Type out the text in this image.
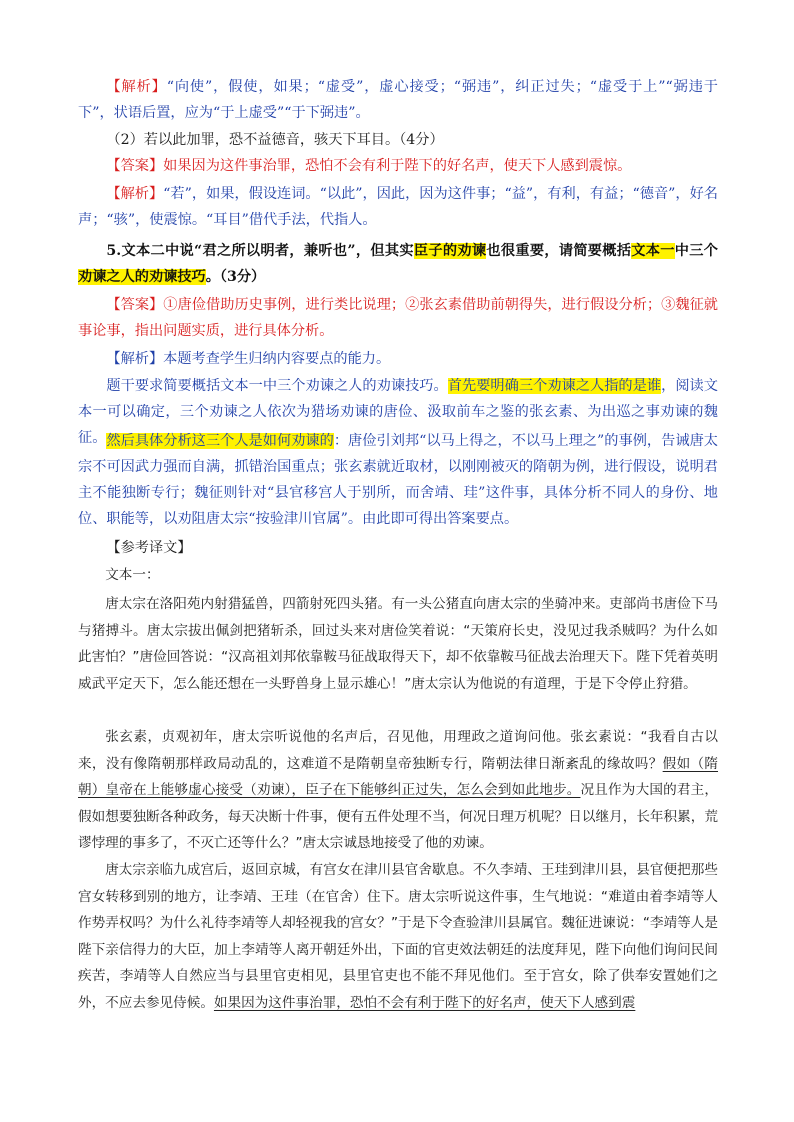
【解析】“向使”，假使，如果；“虚受”，虚心接受；“弼违”，纠正过失；“虚受于上”“弼违于下”，状语后置，应为“于上虚受”“于下弼违”。

（2）若以此加罪，恐不益德音，骇天下耳目。（4分）

【答案】如果因为这件事治罪，恐怕不会有利于陛下的好名声，使天下人感到震惊。

【解析】“若”，如果，假设连词。“以此”，因此，因为这件事；“益”，有利，有益；“德音”，好名声；“骇”，使震惊。“耳目”借代手法，代指人。

5.文本二中说“君之所以明者，兼听也”，但其实臣子的劝谏也很重要，请简要概括文本一中三个劝谏之人的劝谏技巧。（3分）

【答案】①唐俭借助历史事例，进行类比说理；②张玄素借助前朝得失，进行假设分析；③魏征就事论事，指出问题实质，进行具体分析。

【解析】本题考查学生归纳内容要点的能力。

题干要求简要概括文本一中三个劝谏之人的劝谏技巧。首先要明确三个劝谏之人指的是谁，阅读文本一可以确定，三个劝谏之人依次为猎场劝谏的唐俭、汲取前车之鉴的张玄素、为出巡之事劝谏的魏征。 然后具体分析这三个人是如何劝谏的：唐俭引刘邦“以马上得之，不以马上理之”的事例，告诫唐太宗不可因武力强而自满，抓错治国重点；张玄素就近取材，以刚刚被灭的隋朝为例，进行假设，说明君主不能独断专行；魏征则针对“县官移宫人于别所，而舍靖、珪”这件事，具体分析不同人的身份、地位、职能等，以劝阻唐太宗“按验津川官属”。由此即可得出答案要点。

【参考译文】

文本一：

唐太宗在洛阳苑内射猎猛兽，四箭射死四头猪。有一头公猪直向唐太宗的坐骑冲来。吏部尚书唐俭下马与猪搏斗。唐太宗拔出佩剑把猪斩杀，回过头来对唐俭笑着说：“天策府长史，没见过我杀贼吗？为什么如此害怕？”唐俭回答说：“汉高祖刘邦依靠鞍马征战取得天下，却不依靠鞍马征战去治理天下。陛下凭着英明威武平定天下，怎么能还想在一头野兽身上显示雄心！”唐太宗认为他说的有道理，于是下令停止狩猎。

张玄素，贞观初年，唐太宗听说他的名声后，召见他，用理政之道询问他。张玄素说：“我看自古以来，没有像隋朝那样政局动乱的，这难道不是隋朝皇帝独断专行，隋朝法律日渐紊乱的缘故吗？假如（隋朝）皇帝在上能够虚心接受（劝谏），臣子在下能够纠正过失，怎么会到如此地步。况且作为大国的君主，假如想要独断各种政务，每天决断十件事，便有五件处理不当，何况日理万机呢？日以继月，长年积累，荒谬悖理的事多了，不灭亡还等什么？”唐太宗诚恳地接受了他的劝谏。

唐太宗亲临九成宫后，返回京城，有宫女在津川县官舍歇息。不久李靖、王珪到津川县，县官便把那些宫女转移到别的地方，让李靖、王珪（在官舍）住下。唐太宗听说这件事，生气地说：“难道由着李靖等人作势弄权吗？为什么礼待李靖等人却轻视我的宫女？”于是下令查验津川县属官。魏征进谏说：“李靖等人是陛下亲信得力的大臣，加上李靖等人离开朝廷外出，下面的官吏效法朝廷的法度拜见，陛下向他们询问民间疾苦，李靖等人自然应当与县里官吏相见，县里官吏也不能不拜见他们。至于宫女，除了供奉安置她们之外，不应去参见侍候。如果因为这件事治罪，恐怕不会有利于陛下的好名声，使天下人感到震
